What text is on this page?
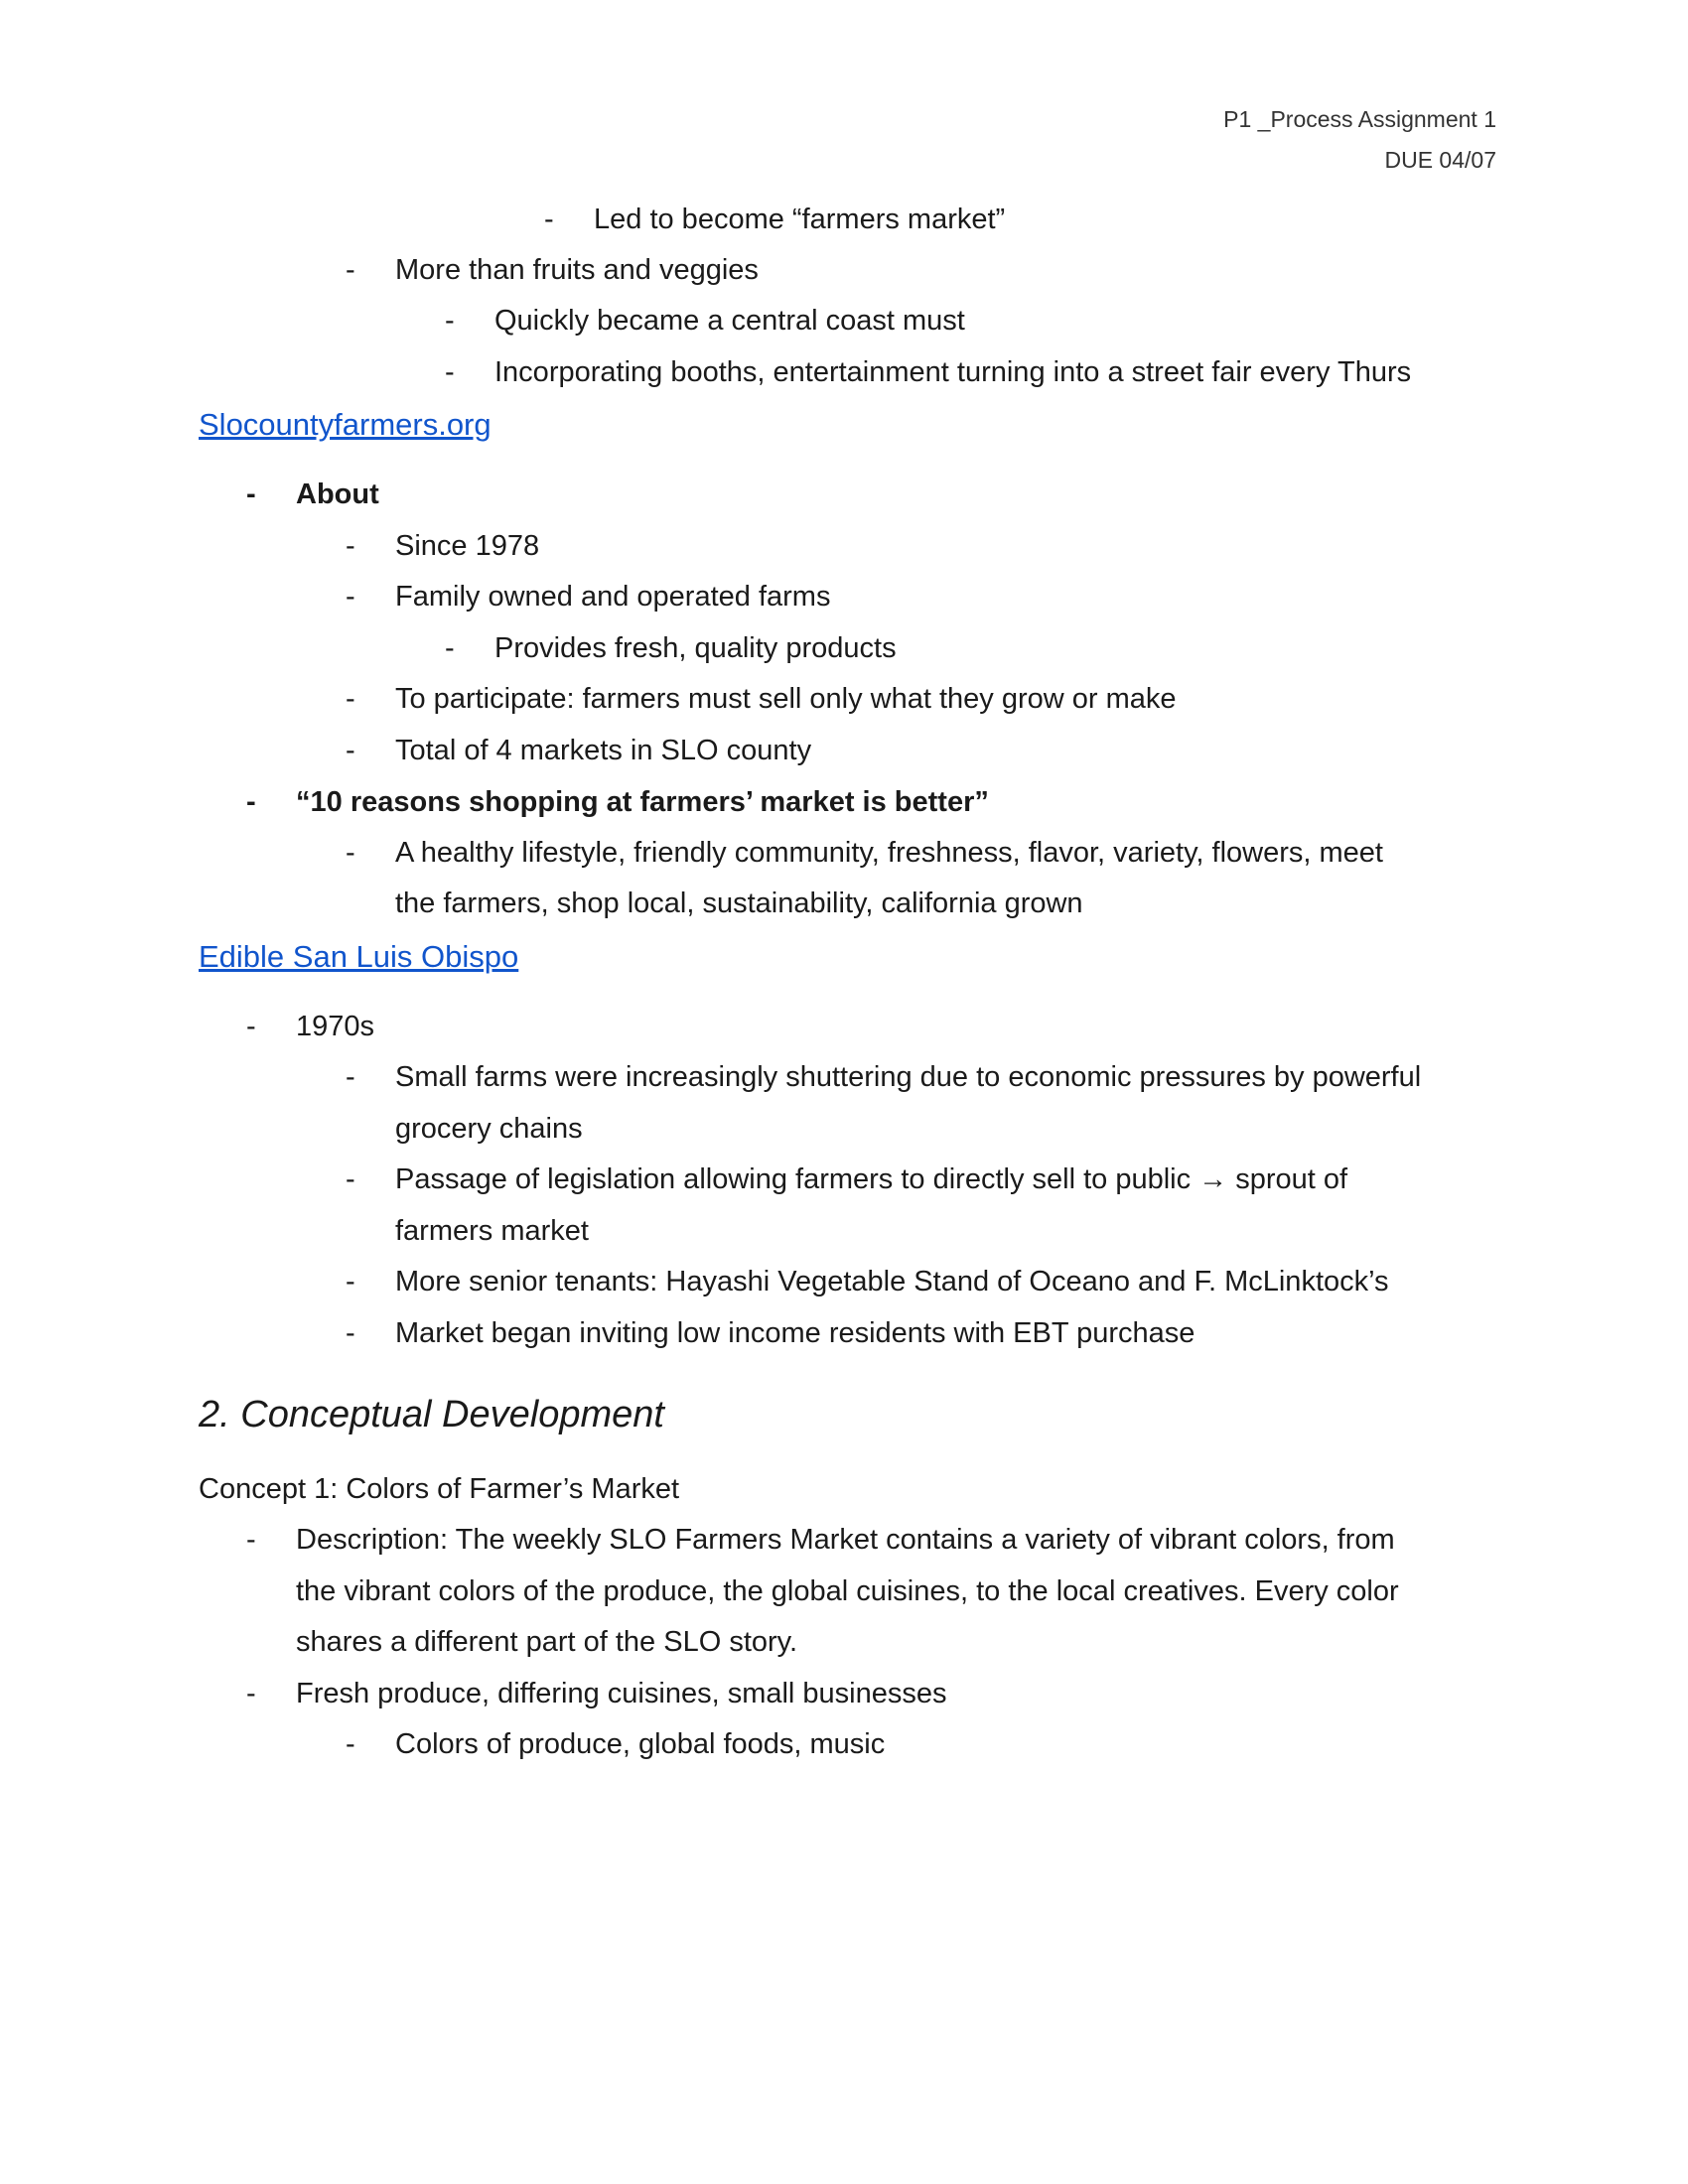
P1 _Process Assignment 1
DUE 04/07
- Led to become “farmers market”
- More than fruits and veggies
- Quickly became a central coast must
- Incorporating booths, entertainment turning into a street fair every Thurs
Slocountyfarmers.org
- About
- Since 1978
- Family owned and operated farms
- Provides fresh, quality products
- To participate: farmers must sell only what they grow or make
- Total of 4 markets in SLO county
- “10 reasons shopping at farmers’ market is better”
- A healthy lifestyle, friendly community, freshness, flavor, variety, flowers, meet
the farmers, shop local, sustainability, california grown
Edible San Luis Obispo
- 1970s
- Small farms were increasingly shuttering due to economic pressures by powerful
grocery chains
- Passage of legislation allowing farmers to directly sell to public → sprout of
farmers market
- More senior tenants: Hayashi Vegetable Stand of Oceano and F. McLinktock’s
- Market began inviting low income residents with EBT purchase
2. Conceptual Development
Concept 1: Colors of Farmer’s Market
- Description: The weekly SLO Farmers Market contains a variety of vibrant colors, from
the vibrant colors of the produce, the global cuisines, to the local creatives. Every color
shares a different part of the SLO story.
- Fresh produce, differing cuisines, small businesses
- Colors of produce, global foods, music
